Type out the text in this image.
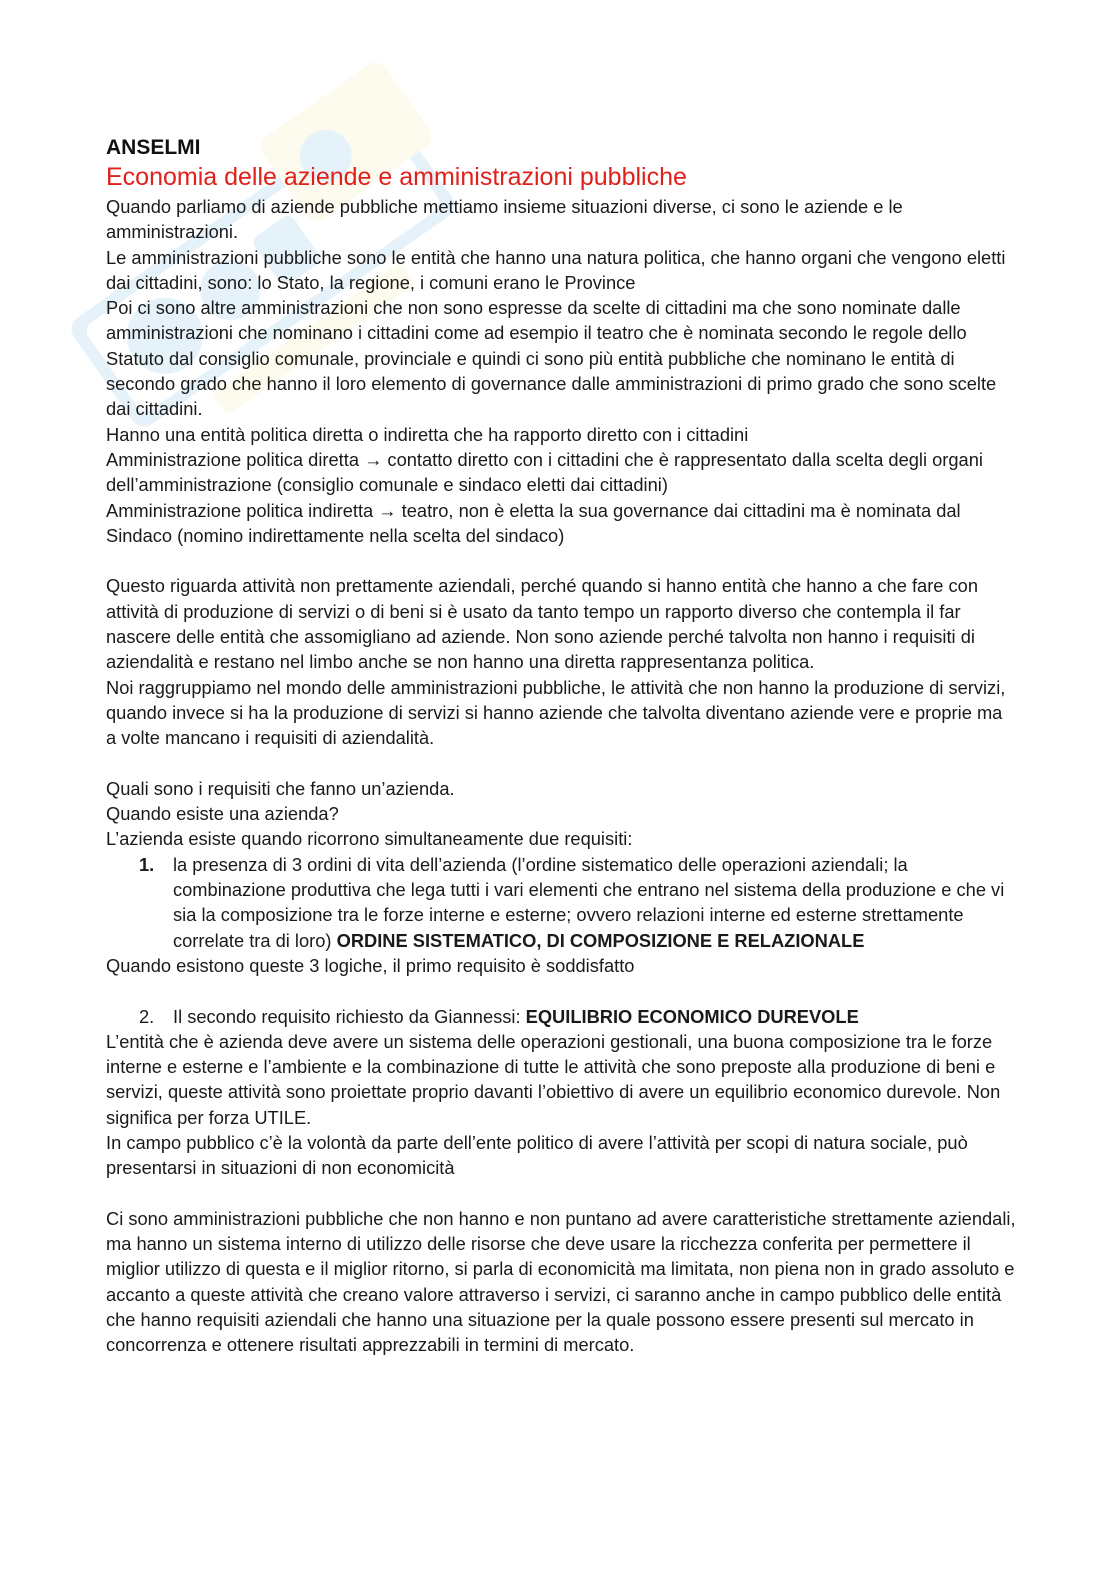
ANSELMI
Economia delle aziende e amministrazioni pubbliche

Quando parliamo di aziende pubbliche mettiamo insieme situazioni diverse, ci sono le aziende e le amministrazioni.

Le amministrazioni pubbliche sono le entità che hanno una natura politica, che hanno organi che vengono eletti dai cittadini, sono: lo Stato, la regione, i comuni erano le Province

Poi ci sono altre amministrazioni che non sono espresse da scelte di cittadini ma che sono nominate dalle amministrazioni che nominano i cittadini come ad esempio il teatro che è nominata secondo le regole dello Statuto dal consiglio comunale, provinciale e quindi ci sono più entità pubbliche che nominano le entità di secondo grado che hanno il loro elemento di governance dalle amministrazioni di primo grado che sono scelte dai cittadini.

Hanno una entità politica diretta o indiretta che ha rapporto diretto con i cittadini

Amministrazione politica diretta → contatto diretto con i cittadini che è rappresentato dalla scelta degli organi dell’amministrazione (consiglio comunale e sindaco eletti dai cittadini)

Amministrazione politica indiretta → teatro, non è eletta la sua governance dai cittadini ma è nominata dal Sindaco (nomino indirettamente nella scelta del sindaco)

Questo riguarda attività non prettamente aziendali, perché quando si hanno entità che hanno a che fare con attività di produzione di servizi o di beni si è usato da tanto tempo un rapporto diverso che contempla il far nascere delle entità che assomigliano ad aziende. Non sono aziende perché talvolta non hanno i requisiti di aziendalità e restano nel limbo anche se non hanno una diretta rappresentanza politica.

Noi raggruppiamo nel mondo delle amministrazioni pubbliche, le attività che non hanno la produzione di servizi, quando invece si ha la produzione di servizi si hanno aziende che talvolta diventano aziende vere e proprie ma a volte mancano i requisiti di aziendalità.

Quali sono i requisiti che fanno un’azienda.

Quando esiste una azienda?

L’azienda esiste quando ricorrono simultaneamente due requisiti:

1. la presenza di 3 ordini di vita dell’azienda (l’ordine sistematico delle operazioni aziendali; la combinazione produttiva che lega tutti i vari elementi che entrano nel sistema della produzione e che vi sia la composizione tra le forze interne e esterne; ovvero relazioni interne ed esterne strettamente correlate tra di loro) ORDINE SISTEMATICO, DI COMPOSIZIONE E RELAZIONALE

Quando esistono queste 3 logiche, il primo requisito è soddisfatto

2. Il secondo requisito richiesto da Giannessi: EQUILIBRIO ECONOMICO DUREVOLE

L’entità che è azienda deve avere un sistema delle operazioni gestionali, una buona composizione tra le forze interne e esterne e l’ambiente e la combinazione di tutte le attività che sono preposte alla produzione di beni e servizi, queste attività sono proiettate proprio davanti l’obiettivo di avere un equilibrio economico durevole. Non significa per forza UTILE.

In campo pubblico c’è la volontà da parte dell’ente politico di avere l’attività per scopi di natura sociale, può presentarsi in situazioni di non economicità

Ci sono amministrazioni pubbliche che non hanno e non puntano ad avere caratteristiche strettamente aziendali, ma hanno un sistema interno di utilizzo delle risorse che deve usare la ricchezza conferita per permettere il miglior utilizzo di questa e il miglior ritorno, si parla di economicità ma limitata, non piena non in grado assoluto e accanto a queste attività che creano valore attraverso i servizi, ci saranno anche in campo pubblico delle entità che hanno requisiti aziendali che hanno una situazione per la quale possono essere presenti sul mercato in concorrenza e ottenere risultati apprezzabili in termini di mercato.
